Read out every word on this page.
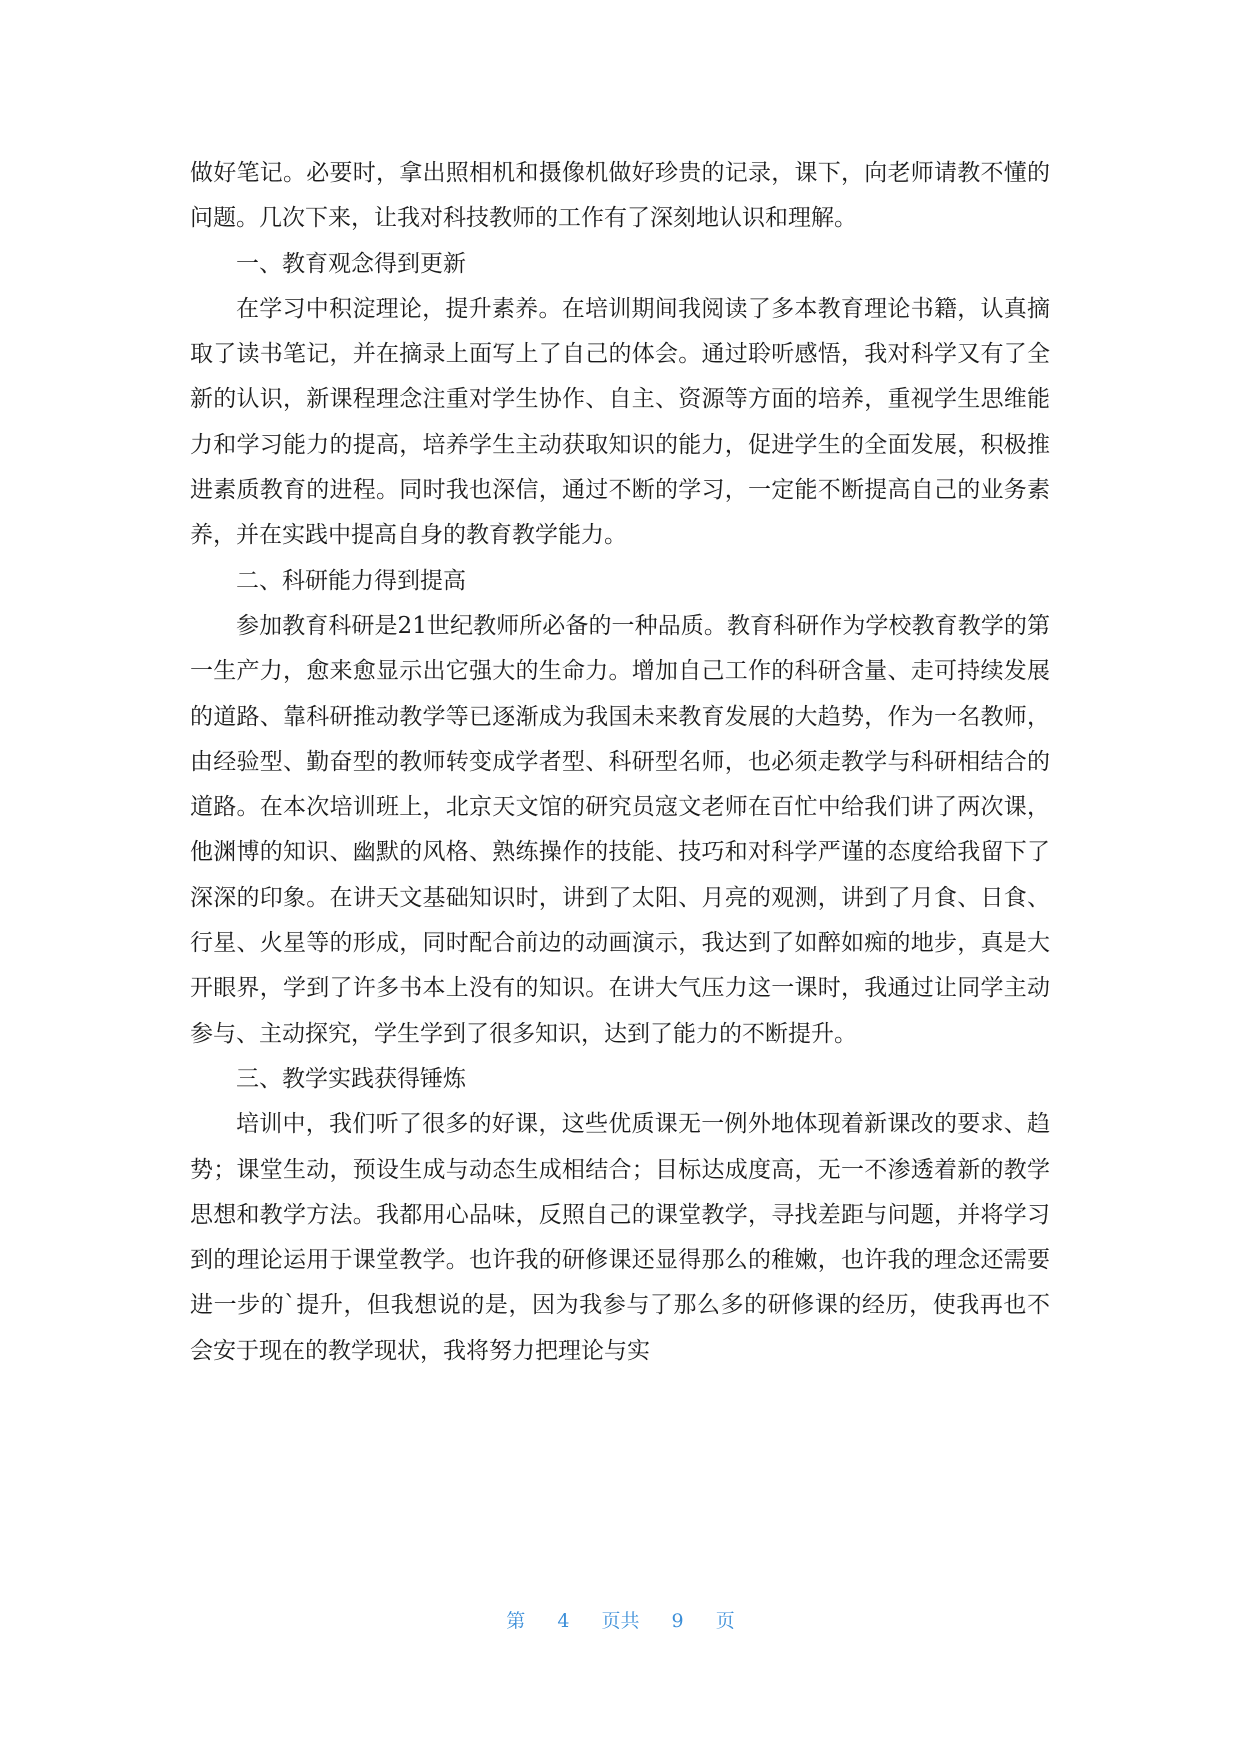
做好笔记。必要时，拿出照相机和摄像机做好珍贵的记录，课下，向老师请教不懂的问题。几次下来，让我对科技教师的工作有了深刻地认识和理解。

一、教育观念得到更新

在学习中积淀理论，提升素养。在培训期间我阅读了多本教育理论书籍，认真摘取了读书笔记，并在摘录上面写上了自己的体会。通过聆听感悟，我对科学又有了全新的认识，新课程理念注重对学生协作、自主、资源等方面的培养，重视学生思维能力和学习能力的提高，培养学生主动获取知识的能力，促进学生的全面发展，积极推进素质教育的进程。同时我也深信，通过不断的学习，一定能不断提高自己的业务素养，并在实践中提高自身的教育教学能力。

二、科研能力得到提高

参加教育科研是21世纪教师所必备的一种品质。教育科研作为学校教育教学的第一生产力，愈来愈显示出它强大的生命力。增加自己工作的科研含量、走可持续发展的道路、靠科研推动教学等已逐渐成为我国未来教育发展的大趋势，作为一名教师，由经验型、勤奋型的教师转变成学者型、科研型名师，也必须走教学与科研相结合的道路。在本次培训班上，北京天文馆的研究员寇文老师在百忙中给我们讲了两次课，他渊博的知识、幽默的风格、熟练操作的技能、技巧和对科学严谨的态度给我留下了深深的印象。在讲天文基础知识时，讲到了太阳、月亮的观测，讲到了月食、日食、行星、火星等的形成，同时配合前边的动画演示，我达到了如醉如痴的地步，真是大开眼界，学到了许多书本上没有的知识。在讲大气压力这一课时，我通过让同学主动参与、主动探究，学生学到了很多知识，达到了能力的不断提升。

三、教学实践获得锤炼

培训中，我们听了很多的好课，这些优质课无一例外地体现着新课改的要求、趋势；课堂生动，预设生成与动态生成相结合；目标达成度高，无一不渗透着新的教学思想和教学方法。我都用心品味，反照自己的课堂教学，寻找差距与问题，并将学习到的理论运用于课堂教学。也许我的研修课还显得那么的稚嫩，也许我的理念还需要进一步的`提升，但我想说的是，因为我参与了那么多的研修课的经历，使我再也不会安于现在的教学现状，我将努力把理论与实

第 4 页共 9 页
